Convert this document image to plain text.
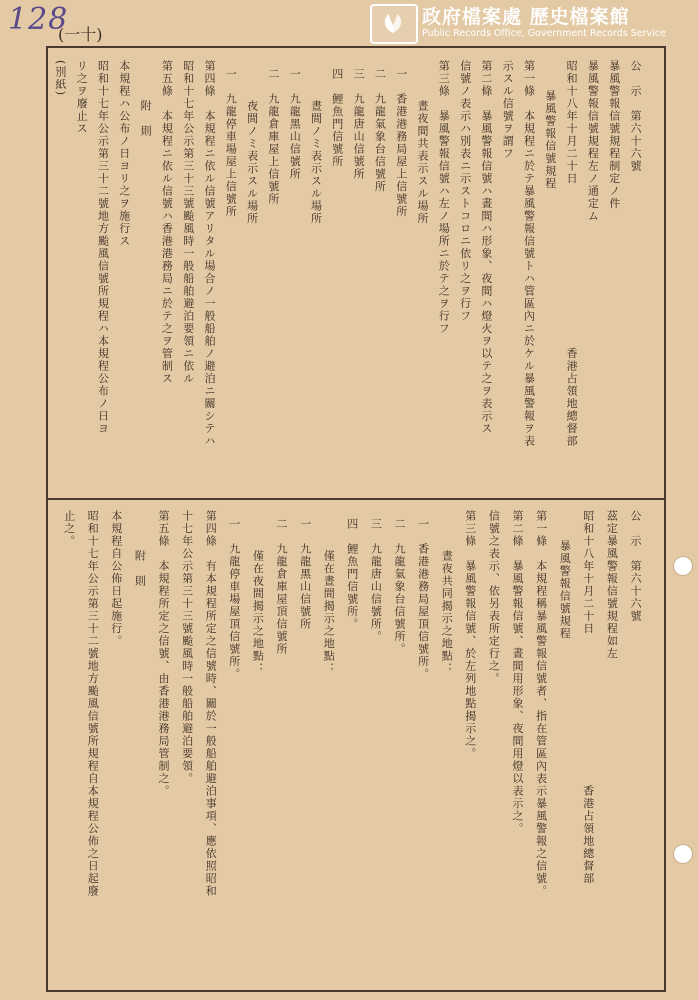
128
(一十)
政府檔案處 歷史檔案館
Public Records Office, Government Records Service
公　示　第六十六號
暴風警報信號規程制定ノ件
暴風警報信號規程左ノ通定ム
昭和十八年十月二十日　　　　　　　　　　　　　香港占領地總督部
暴風警報信號規程
第一條　本規程ニ於テ暴風警報信號トハ管區內ニ於ケル暴風警報ヲ表
示スル信號ヲ謂フ
第二條　暴風警報信號ハ晝間ハ形象、夜間ハ燈火ヲ以テ之ヲ表示ス
信號ノ表示ハ別表ニ示ストコロニ依リ之ヲ行フ
第三條　暴風警報信號ハ左ノ場所ニ於テ之ヲ行フ
晝夜間共表示スル場所
一　香港港務局屋上信號所
二　九龍氣象台信號所
三　九龍唐山信號所
四　鯉魚門信號所
晝間ノミ表示スル場所
一　九龍黑山信號所
二　九龍倉庫屋上信號所
夜間ノミ表示スル場所
一　九龍停車場屋上信號所
第四條　本規程ニ依ル信號アリタル場合ノ一般船舶ノ避泊ニ關シテハ
昭和十七年公示第三十三號颱風時一般船舶避泊要領ニ依ル
第五條　本規程ニ依ル信號ハ香港港務局ニ於テ之ヲ管制ス
附　則
本規程ハ公布ノ日ヨリ之ヲ施行ス
昭和十七年公示第三十二號地方颱風信號所規程ハ本規程公布ノ日ヨ
リ之ヲ廢止ス
(別紙)
公　示　第六十六號
茲定暴風警報信號規程如左
昭和十八年十月二十日　　　　　　　　　　　　香港占領地總督部
暴風警報信號規程
第一條　本規程稱暴風警報信號者、指在管區內表示暴風警報之信號。
第二條　暴風警報信號、晝間用形象、夜間用燈以表示之。
信號之表示、依另表所定行之。
第三條　暴風警報信號、於左列地點揭示之。
晝夜共同揭示之地點：
一　香港港務局屋頂信號所。
二　九龍氣象台信號所。
三　九龍唐山信號所。
四　鯉魚門信號所。
僅在晝間揭示之地點：
一　九龍黑山信號所
二　九龍倉庫屋頂信號所
僅在夜間揭示之地點：
一　九龍停車場屋頂信號所。
第四條　有本規程所定之信號時、關於一般船舶避泊事項、應依照昭和
十七年公示第三十三號颱風時一般船舶避泊要領。
第五條　本規程所定之信號、由香港港務局管制之。
附　則
本規程自公佈日起施行。
昭和十七年公示第三十二號地方颱風信號所規程自本規程公佈之日起廢
止之。
